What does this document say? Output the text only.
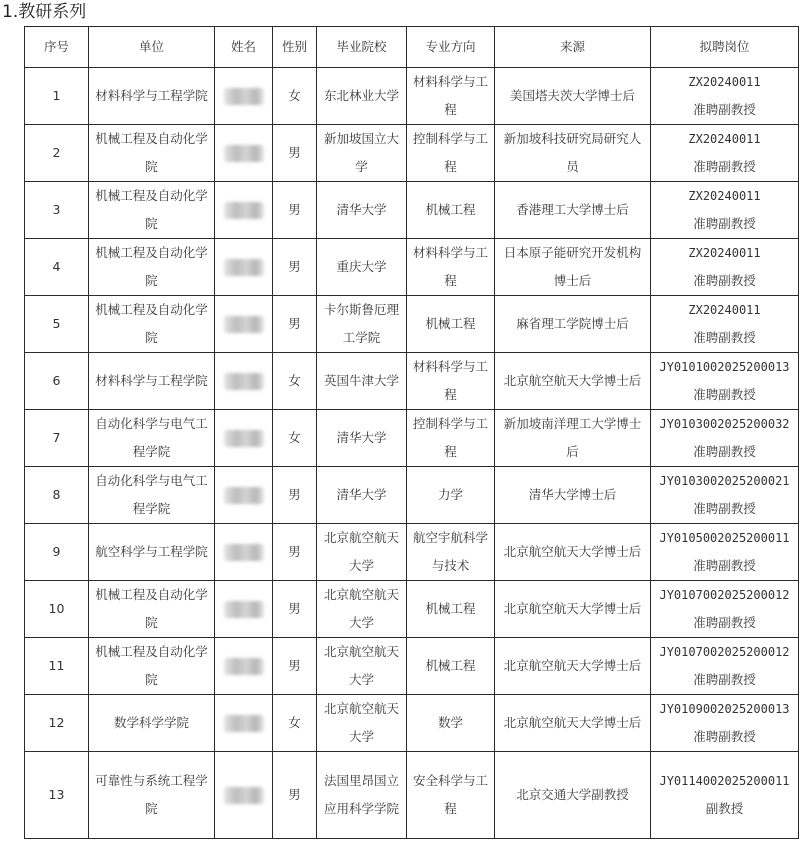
1.教研系列
序号	单位	姓名	性别	毕业院校	专业方向	来源	拟聘岗位
1	材料科学与工程学院		女	东北林业大学	材料科学与工程	美国塔夫茨大学博士后	ZX20240011
准聘副教授

2	机械工程及自动化学院		男	新加坡国立大学	控制科学与工程	新加坡科技研究局研究人员	ZX20240011
准聘副教授

3	机械工程及自动化学院		男	清华大学	机械工程	香港理工大学博士后	ZX20240011
准聘副教授

4	机械工程及自动化学院		男	重庆大学	材料科学与工程	日本原子能研究开发机构博士后	ZX20240011
准聘副教授

5	机械工程及自动化学院		男	卡尔斯鲁厄理工学院	机械工程	麻省理工学院博士后	ZX20240011
准聘副教授

6	材料科学与工程学院		女	英国牛津大学	材料科学与工程	北京航空航天大学博士后	JY0101002025200013
准聘副教授

7	自动化科学与电气工程学院		女	清华大学	控制科学与工程	新加坡南洋理工大学博士后	JY0103002025200032
准聘副教授

8	自动化科学与电气工程学院		男	清华大学	力学	清华大学博士后	JY0103002025200021
准聘副教授

9	航空科学与工程学院		男	北京航空航天大学	航空宇航科学与技术	北京航空航天大学博士后	JY0105002025200011
准聘副教授

10	机械工程及自动化学院		男	北京航空航天大学	机械工程	北京航空航天大学博士后	JY0107002025200012
准聘副教授

11	机械工程及自动化学院		男	北京航空航天大学	机械工程	北京航空航天大学博士后	JY0107002025200012
准聘副教授

12	数学科学学院		女	北京航空航天大学	数学	北京航空航天大学博士后	JY0109002025200013
准聘副教授

13	可靠性与系统工程学院		男	法国里昂国立应用科学学院	安全科学与工程	北京交通大学副教授	JY0114002025200011
副教授
